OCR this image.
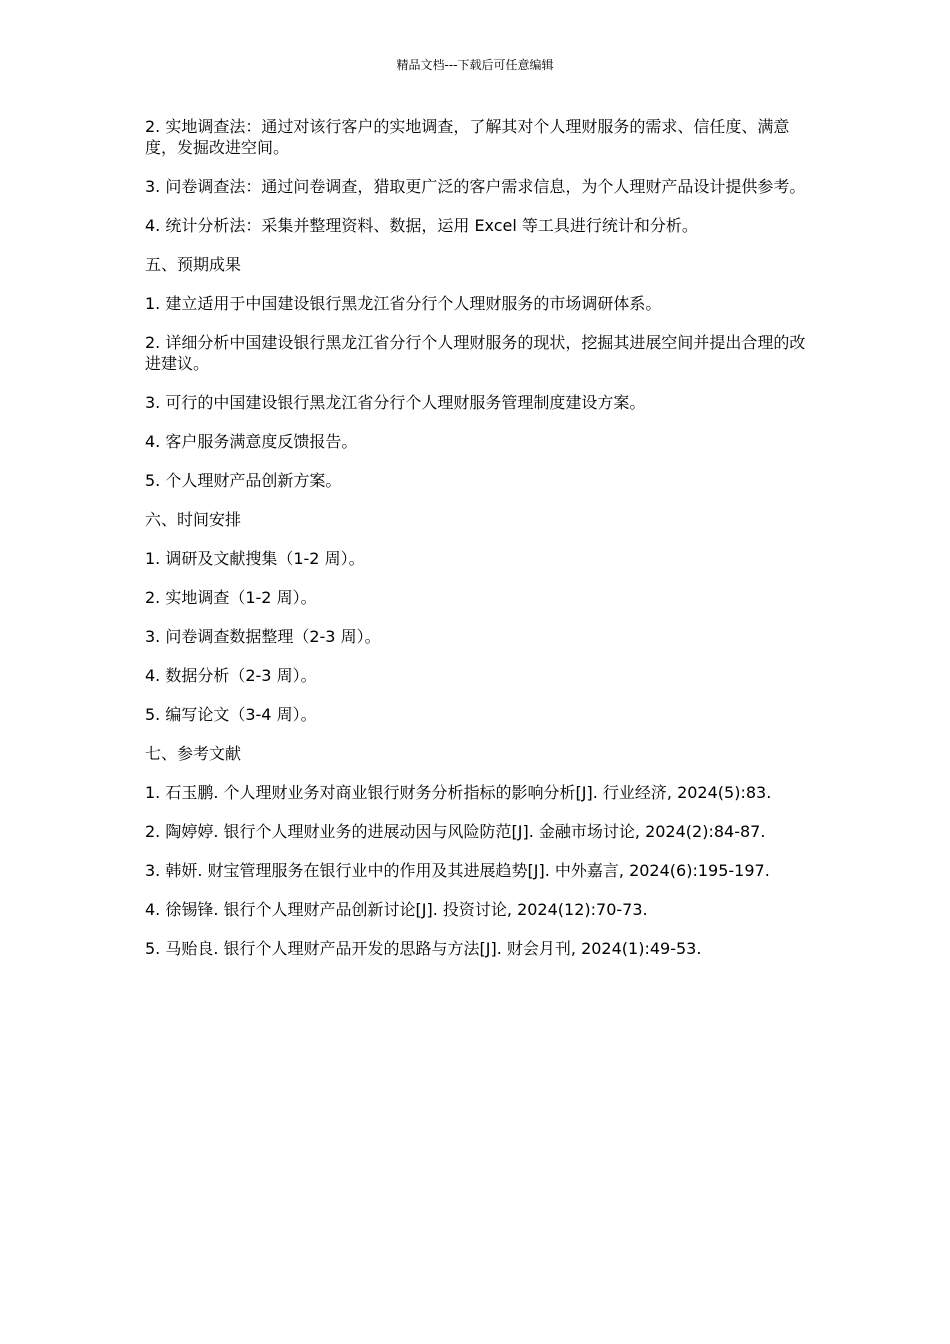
精品文档---下载后可任意编辑

2. 实地调查法：通过对该行客户的实地调查，了解其对个人理财服务的需求、信任度、满意度，发掘改进空间。

3. 问卷调查法：通过问卷调查，猎取更广泛的客户需求信息，为个人理财产品设计提供参考。

4. 统计分析法：采集并整理资料、数据，运用 Excel 等工具进行统计和分析。

五、预期成果

1. 建立适用于中国建设银行黑龙江省分行个人理财服务的市场调研体系。

2. 详细分析中国建设银行黑龙江省分行个人理财服务的现状，挖掘其进展空间并提出合理的改进建议。

3. 可行的中国建设银行黑龙江省分行个人理财服务管理制度建设方案。

4. 客户服务满意度反馈报告。

5. 个人理财产品创新方案。

六、时间安排

1. 调研及文献搜集（1-2 周）。

2. 实地调查（1-2 周）。

3. 问卷调查数据整理（2-3 周）。

4. 数据分析（2-3 周）。

5. 编写论文（3-4 周）。

七、参考文献

1. 石玉鹏. 个人理财业务对商业银行财务分析指标的影响分析[J]. 行业经济, 2024(5):83.

2. 陶婷婷. 银行个人理财业务的进展动因与风险防范[J]. 金融市场讨论, 2024(2):84-87.

3. 韩妍. 财宝管理服务在银行业中的作用及其进展趋势[J]. 中外嘉言, 2024(6):195-197.

4. 徐锡锋. 银行个人理财产品创新讨论[J]. 投资讨论, 2024(12):70-73.

5. 马贻良. 银行个人理财产品开发的思路与方法[J]. 财会月刊, 2024(1):49-53.
